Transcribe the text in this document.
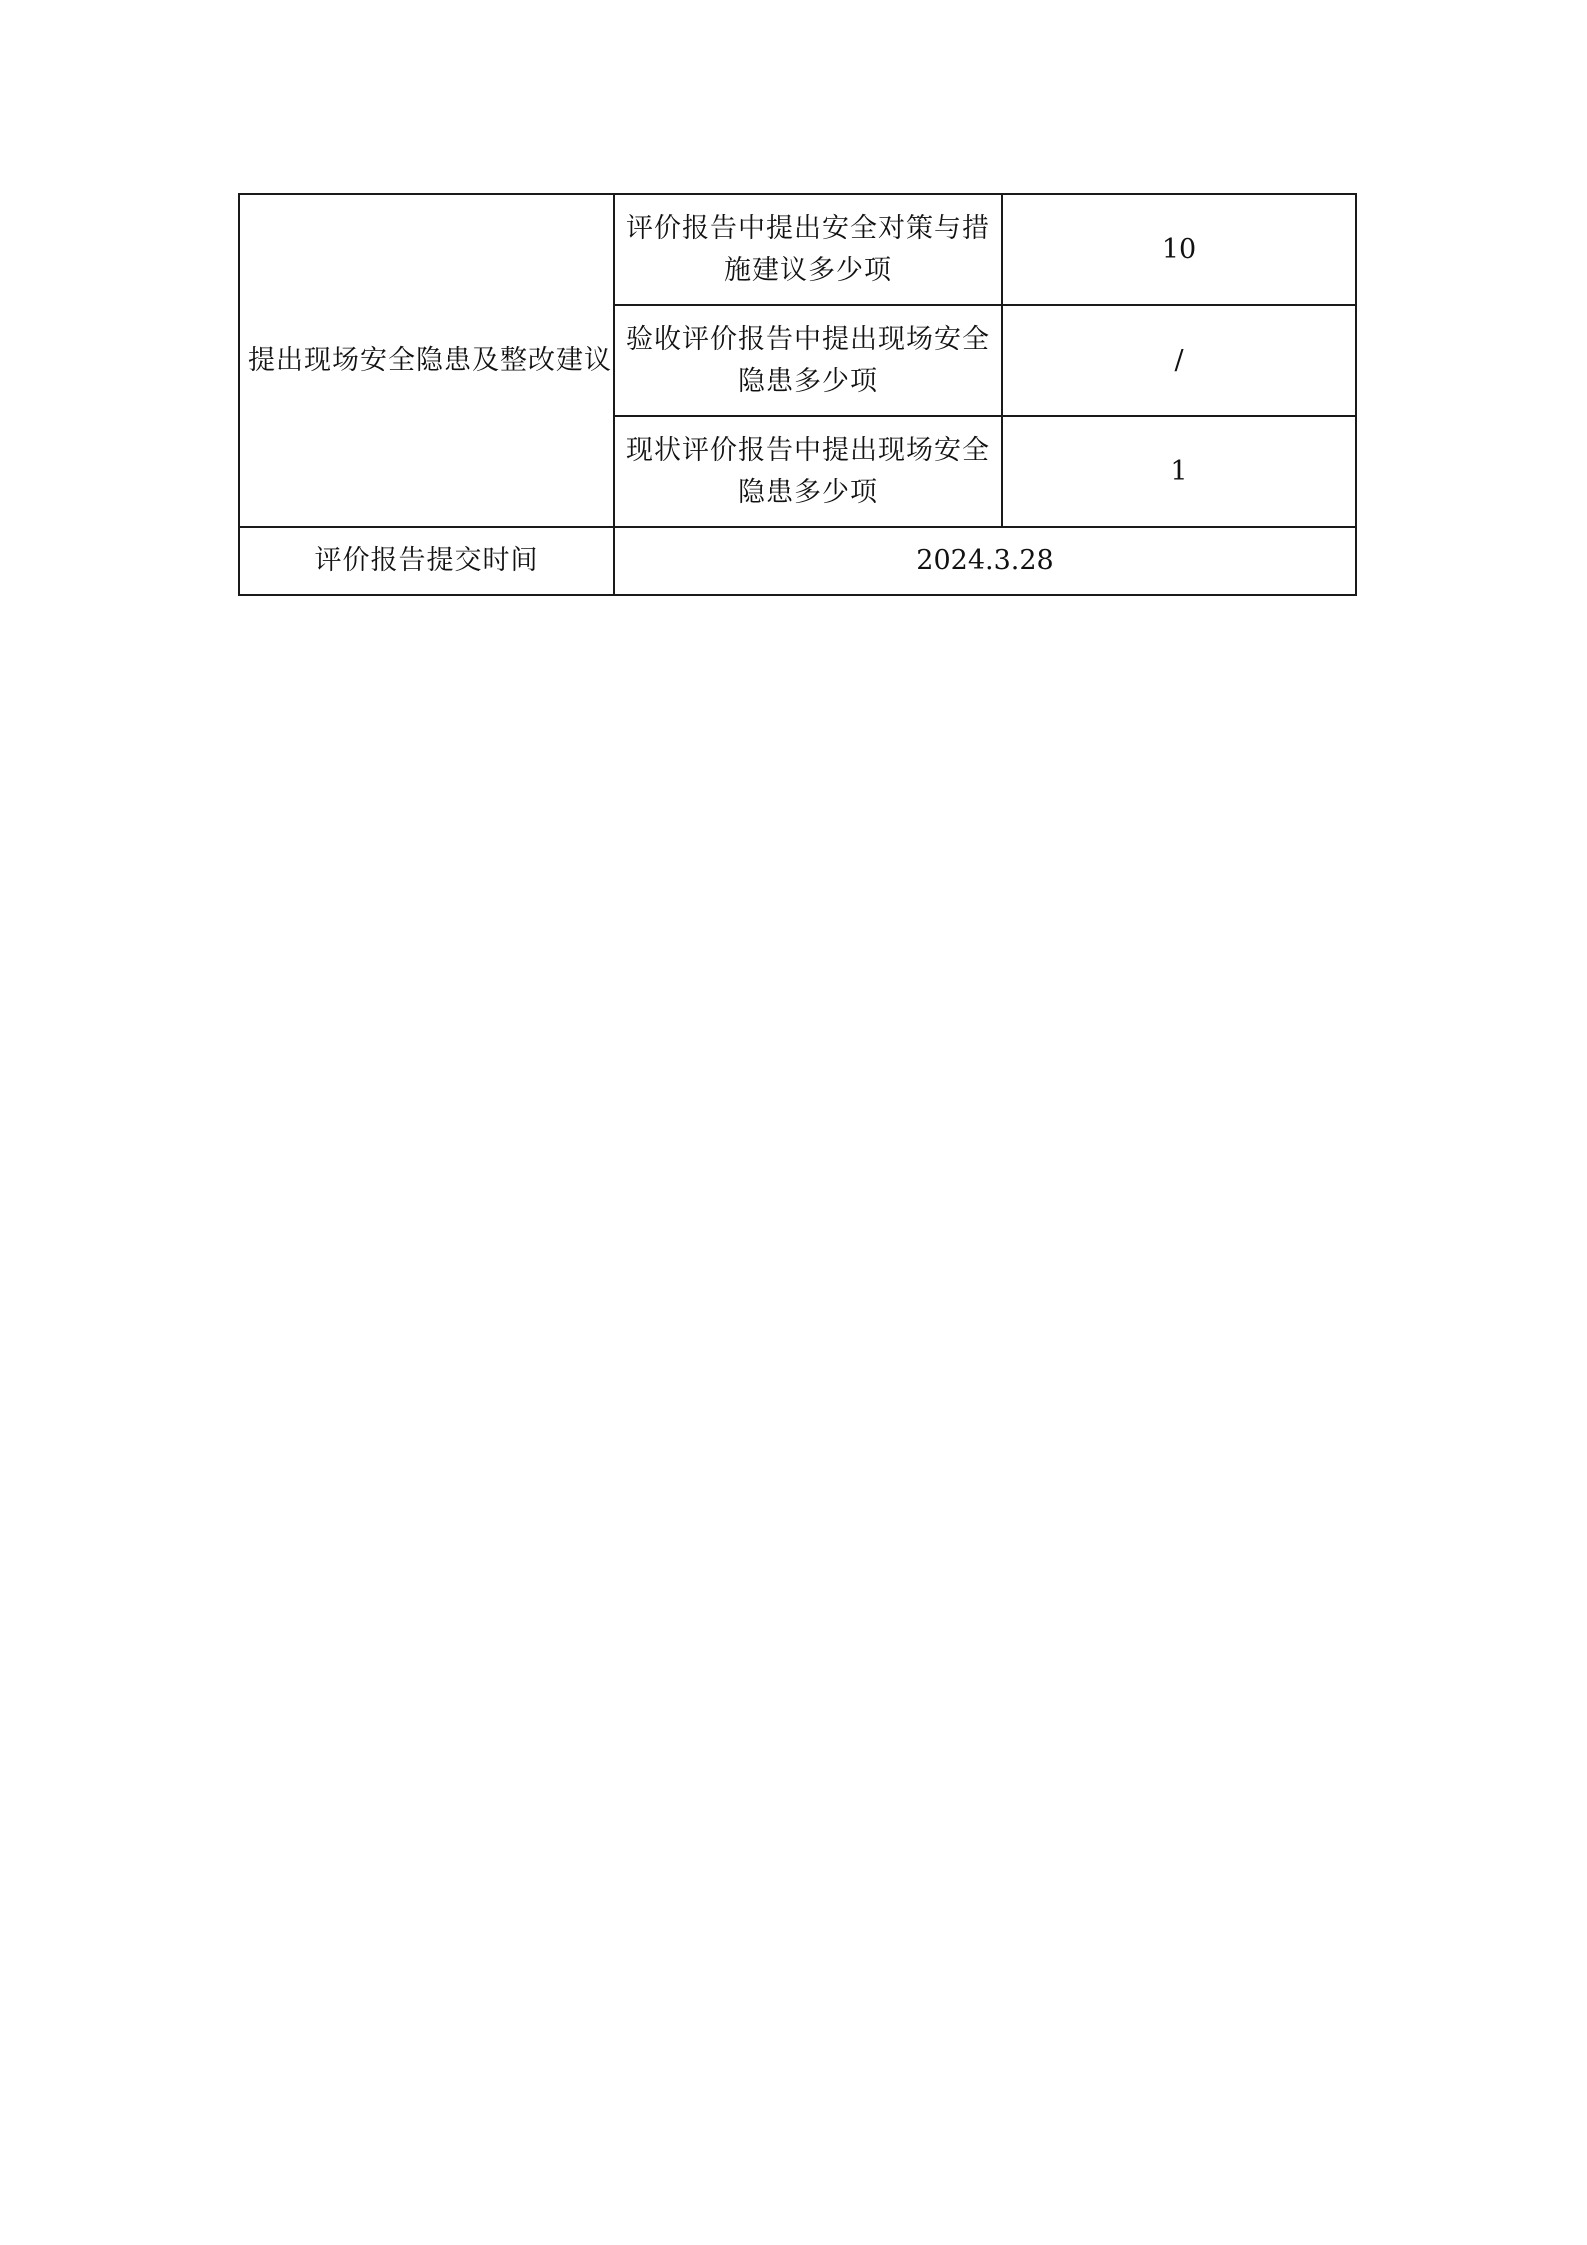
提出现场安全隐患及整改建议	评价报告中提出安全对策与措施建议多少项	10
	验收评价报告中提出现场安全隐患多少项	/
	现状评价报告中提出现场安全隐患多少项	1
评价报告提交时间	2024.3.28	
